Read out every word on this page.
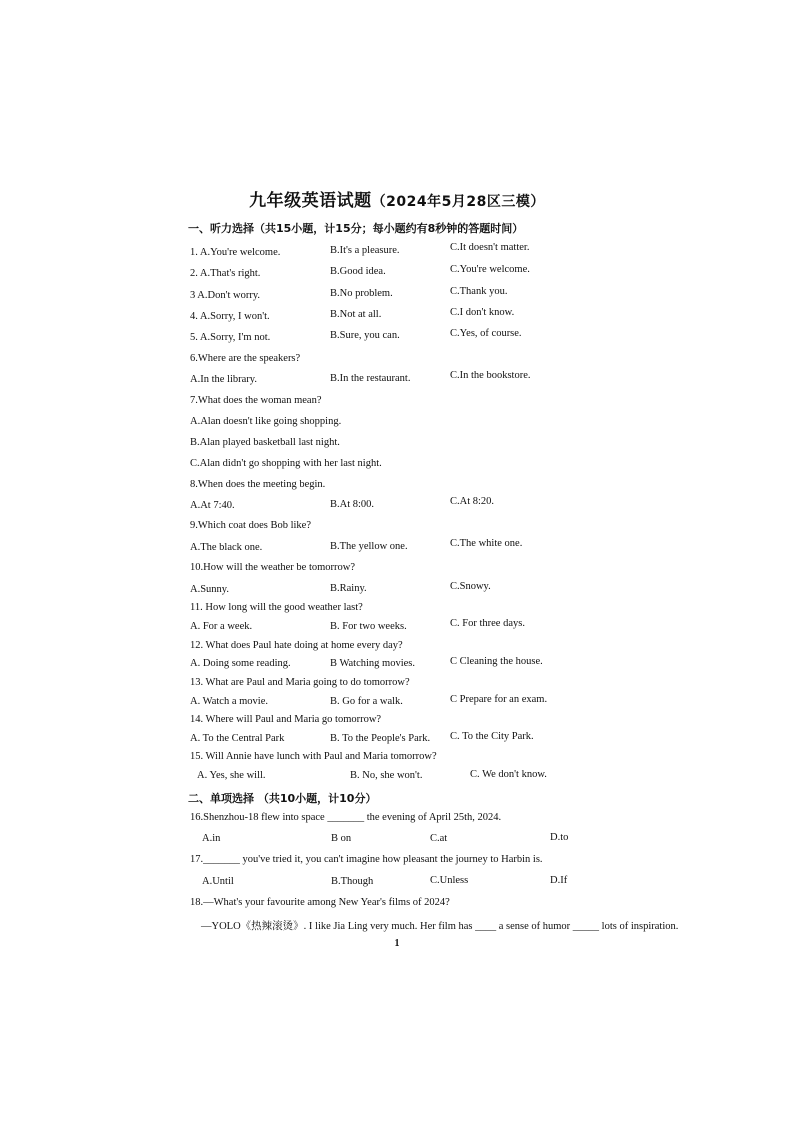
九年级英语试题（2024年5月28区三模）
一、听力选择（共15小题，计15分；每小题约有8秒钟的答题时间）
1. A.You're welcome.	B.It's a pleasure.	C.It doesn't matter.
2. A.That's right.	B.Good idea.	C.You're welcome.
3 A.Don't worry.	B.No problem.	C.Thank you.
4. A.Sorry, I won't.	B.Not at all.	C.I don't know.
5. A.Sorry, I'm not.	B.Sure, you can.	C.Yes, of course.
6.Where are the speakers?
A.In the library.	B.In the restaurant.	C.In the bookstore.
7.What does the woman mean?
A.Alan doesn't like going shopping.
B.Alan played basketball last night.
C.Alan didn't go shopping with her last night.
8.When does the meeting begin.
A.At 7:40.	B.At 8:00.	C.At 8:20.
9.Which coat does Bob like?
A.The black one.	B.The yellow one.	C.The white one.
10.How will the weather be tomorrow?
A.Sunny.	B.Rainy.	C.Snowy.
11. How long will the good weather last?
A. For a week.	B. For two weeks.	C. For three days.
12. What does Paul hate doing at home every day?
A. Doing some reading.	B Watching movies.	C Cleaning the house.
13. What are Paul and Maria going to do tomorrow?
A. Watch a movie.	B. Go for a walk.	C Prepare for an exam.
14. Where will Paul and Maria go tomorrow?
A. To the Central Park	B. To the People's Park. C. To the City Park.
15. Will Annie have lunch with Paul and Maria tomorrow?
A. Yes, she will.	B. No, she won't.	C. We don't know.
二、单项选择 （共10小题，计10分）
16.Shenzhou-18 flew into space _______ the evening of April 25th, 2024.
A.in	B on	C.at	D.to
17._______ you've tried it, you can't imagine how pleasant the journey to Harbin is.
A.Until	B.Though	C.Unless	D.If
18.—What's your favourite among New Year's films of 2024?
—YOLO《热辣滚烫》. I like Jia Ling very much. Her film has ____ a sense of humor _____ lots of inspiration.
1
